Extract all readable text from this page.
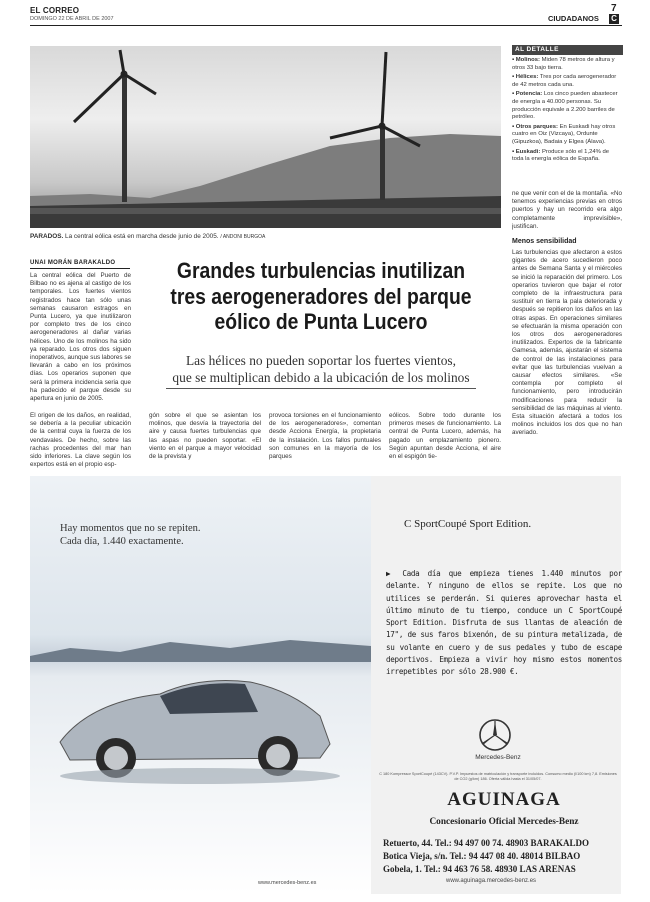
EL CORREO
DOMINGO 22 DE ABRIL DE 2007	CIUDADANOS
7
C
PARADOS. La central eólica está en marcha desde junio de 2005. / ANDONI BURGOA
AL DETALLE
▪ Molinos: Miden 78 metros de altura y otros 33 bajo tierra.
▪ Hélices: Tres por cada aerogenerador de 42 metros cada una.
▪ Potencia: Los cinco pueden abastecer de energía a 40.000 personas. Su producción equivale a 2.200 barriles de petróleo.
▪ Otros parques: En Euskadi hay otros cuatro en Oiz (Vizcaya), Ordunte (Gipuzkoa), Badaia y Elgea (Álava).
▪ Euskadi: Produce sólo el 1,24% de toda la energía eólica de España.
UNAI MORÁN BARAKALDO
La central eólica del Puerto de Bilbao no es ajena al castigo de los temporales. Los fuertes vientos registrados hace tan sólo unas semanas causaron estragos en Punta Lucero, ya que inutilizaron por completo tres de los cinco aerogeneradores al dañar varias hélices. Uno de los molinos ha sido ya reparado. Los otros dos siguen inoperativos, aunque sus labores se llevarán a cabo en los próximos días. Los operarios suponen que será la primera incidencia seria que ha padecido el parque desde su apertura en junio de 2005.
Grandes turbulencias inutilizan tres aerogeneradores del parque eólico de Punta Lucero
Las hélices no pueden soportar los fuertes vientos,
que se multiplican debido a la ubicación de los molinos
El origen de los daños, en realidad, se debería a la peculiar ubicación de la central cuya la fuerza de los vendavales. De hecho, sobre las rachas procedentes del mar han sido inferiores. La clave según los expertos está en el propio esp-
gón sobre el que se asientan los molinos, que desvía la trayectoria del aire y causa fuertes turbulencias que las aspas no pueden soportar. «El viento en el parque a mayor velocidad de la prevista y
provoca torsiones en el funcionamiento de los aerogeneradores», comentan desde Acciona Energía, la propietaria de la instalación. Los fallos puntuales son comunes en la mayoría de los parques
eólicos. Sobre todo durante los primeros meses de funcionamiento. La central de Punta Lucero, además, ha pagado un emplazamiento pionero. Según apuntan desde Acciona, el aire en el espigón tie-
ne que venir con el de la montaña. «No tenemos experiencias previas en otros puertos y hay un recorrido era algo completamente imprevisible», justifican.
Menos sensibilidad
Las turbulencias que afectaron a estos gigantes de acero sucedieron poco antes de Semana Santa y el miércoles se inició la reparación del primero. Los operarios tuvieron que bajar el rotor completo de la infraestructura para sustituir en tierra la pala deteriorada y después se repitieron los daños en las otras aspas. En operaciones similares se efectuarán la misma operación con los otros dos aerogeneradores inutilizados. Expertos de la fabricante Gamesa, además, ajustarán el sistema de control de las instalaciones para evitar que las turbulencias vuelvan a causar efectos similares. «Se contempla por completo el funcionamiento, pero introducirán modificaciones para reducir la sensibilidad de las máquinas al viento. Esta situación afectará a todos los molinos incluidos los dos que no han averiado.
Hay momentos que no se repiten.
Cada día, 1.440 exactamente.
www.mercedes-benz.es
C SportCoupé Sport Edition.
▶ Cada día que empieza tienes 1.440 minutos por delante. Y ninguno de ellos se repite. Los que no utilices se perderán. Si quieres aprovechar hasta el último minuto de tu tiempo, conduce un C SportCoupé Sport Edition. Disfruta de sus llantas de aleación de 17", de sus faros bixenón, de su pintura metalizada, de su volante en cuero y de sus pedales y tubo de escape deportivos. Empieza a vivir hoy mismo estos momentos irrepetibles por sólo 28.900 €.
Mercedes-Benz
C 180 Kompressor SportCoupé (143CV). P.V.P. Impuestos de matriculación y transporte incluidos. Consumo medio (l/100 km) 7,8. Emisiones de CO2 (g/km) 186. Oferta válida hasta el 31/05/07.
AGUINAGA
Concesionario Oficial Mercedes-Benz
Retuerto, 44. Tel.: 94 497 00 74. 48903 BARAKALDO
Botica Vieja, s/n. Tel.: 94 447 08 40. 48014 BILBAO
Gobela, 1. Tel.: 94 463 76 58. 48930 LAS ARENAS
www.aguinaga.mercedes-benz.es
